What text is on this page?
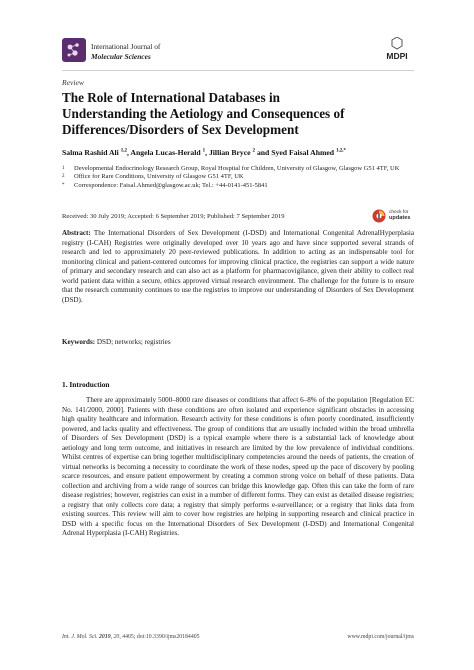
International Journal of
Molecular Sciences	MDPI
Review
The Role of International Databases in
Understanding the Aetiology and Consequences of
Differences/Disorders of Sex Development
Salma Rashid Ali $^{1,2}$, Angela Lucas-Herald $^1$, Jillian Bryce $^2$ and Syed Faisal Ahmed $^{1,2,*}$
1	Developmental Endocrinology Research Group, Royal Hospital for Children, University of Glasgow, Glasgow G51 4TF, UK
2	Office for Rare Conditions, University of Glasgow G51 4TF, UK
*	Correspondence: Faisal.Ahmed@glasgow.ac.uk; Tel.: +44-0141-451-5841
Received: 30 July 2019; Accepted: 6 September 2019; Published: 7 September 2019
check for
updates

Abstract: The International Disorders of Sex Development (I-DSD) and International Congenital AdrenalHyperplasia registry (I-CAH) Registries were originally developed over 10 years ago and have since supported several strands of research and led to approximately 20 peer-reviewed publications. In addition to acting as an indispensable tool for monitoring clinical and patient-centered outcomes for improving clinical practice, the registries can support a wide nature of primary and secondary research and can also act as a platform for pharmacovigilance, given their ability to collect real world patient data within a secure, ethics approved virtual research environment. The challenge for the future is to ensure that the research community continues to use the registries to improve our understanding of Disorders of Sex Development (DSD).

Keywords: DSD; networks; registries
1. Introduction

There are approximately 5000–8000 rare diseases or conditions that affect 6–8% of the population [Regulation EC No. 141/2000, 2000]. Patients with these conditions are often isolated and experience significant obstacles in accessing high quality healthcare and information. Research activity for these conditions is often poorly coordinated, insufficiently powered, and lacks quality and effectiveness. The group of conditions that are usually included within the broad umbrella of Disorders of Sex Development (DSD) is a typical example where there is a substantial lack of knowledge about aetiology and long term outcome, and initiatives in research are limited by the low prevalence of individual conditions. Whilst centres of expertise can bring together multidisciplinary competencies around the needs of patients, the creation of virtual networks is becoming a necessity to coordinate the work of these nodes, speed up the pace of discovery by pooling scarce resources, and ensure patient empowerment by creating a common strong voice on behalf of these patients. Data collection and archiving from a wide range of sources can bridge this knowledge gap. Often this can take the form of rare disease registries; however, registries can exist in a number of different forms. They can exist as detailed disease registries; a registry that only collects core data; a registry that simply performs e-surveillance; or a registry that links data from existing sources. This review will aim to cover how registries are helping in supporting research and clinical practice in DSD with a specific focus on the International Disorders of Sex Development (I-DSD) and International Congenital Adrenal Hyperplasia (I-CAH) Registries.

Int. J. Mol. Sci. 2019, 20, 4405; doi:10.3390/ijms20184405	www.mdpi.com/journal/ijms
